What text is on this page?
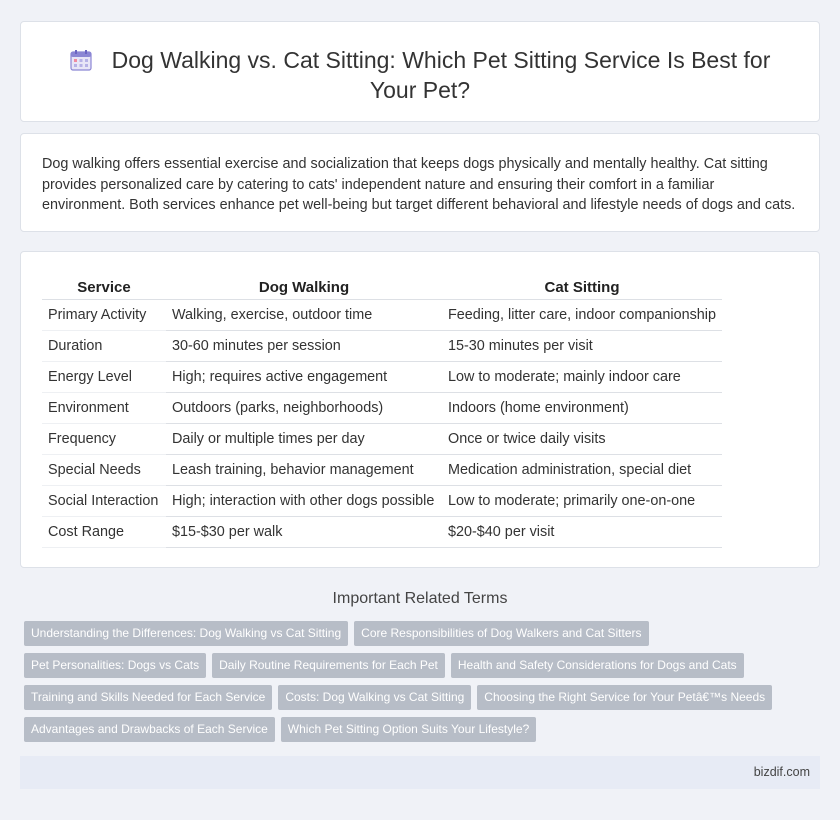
Dog Walking vs. Cat Sitting: Which Pet Sitting Service Is Best for Your Pet?

Dog walking offers essential exercise and socialization that keeps dogs physically and mentally healthy. Cat sitting provides personalized care by catering to cats' independent nature and ensuring their comfort in a familiar environment. Both services enhance pet well-being but target different behavioral and lifestyle needs of dogs and cats.

Service	Dog Walking	Cat Sitting
Primary Activity	Walking, exercise, outdoor time	Feeding, litter care, indoor companionship
Duration	30-60 minutes per session	15-30 minutes per visit
Energy Level	High; requires active engagement	Low to moderate; mainly indoor care
Environment	Outdoors (parks, neighborhoods)	Indoors (home environment)
Frequency	Daily or multiple times per day	Once or twice daily visits
Special Needs	Leash training, behavior management	Medication administration, special diet
Social Interaction	High; interaction with other dogs possible	Low to moderate; primarily one-on-one
Cost Range	$15-$30 per walk	$20-$40 per visit
Important Related Terms
Understanding the Differences: Dog Walking vs Cat Sitting Core Responsibilities of Dog Walkers and Cat Sitters
Pet Personalities: Dogs vs Cats Daily Routine Requirements for Each Pet Health and Safety Considerations for Dogs and Cats
Training and Skills Needed for Each Service Costs: Dog Walking vs Cat Sitting Choosing the Right Service for Your Petâ€™s Needs
Advantages and Drawbacks of Each Service Which Pet Sitting Option Suits Your Lifestyle?
bizdif.com
